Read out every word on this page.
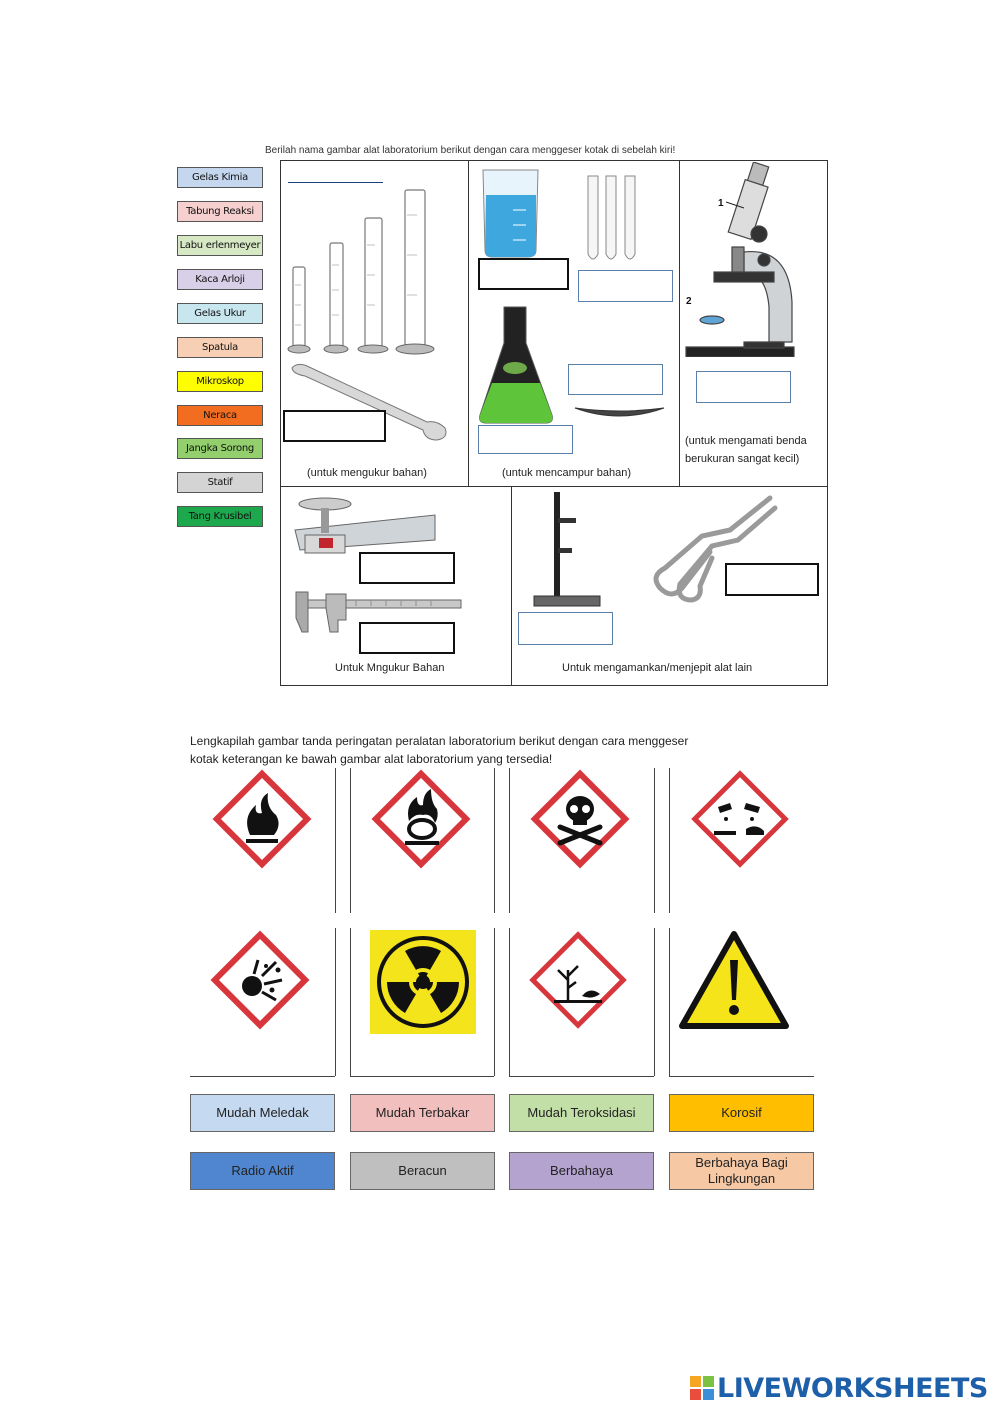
Berilah nama gambar alat laboratorium berikut dengan cara menggeser kotak di sebelah kiri!
Gelas Kimia
Tabung Reaksi
Labu erlenmeyer
Kaca Arloji
Gelas Ukur
Spatula
Mikroskop
Neraca
Jangka Sorong
Statif
Tang Krusibel
(untuk mengukur bahan)	(untuk mencampur bahan)
1
2
(untuk mengamati benda
berukuran sangat kecil)
Untuk Mngukur Bahan	Untuk mengamankan/menjepit alat lain
Lengkapilah gambar tanda peringatan peralatan laboratorium berikut dengan cara menggeser
kotak keterangan ke bawah gambar alat laboratorium yang tersedia!
Mudah Meledak	Mudah Terbakar	Mudah Teroksidasi	Korosif
Radio Aktif	Beracun	Berbahaya
Berbahaya Bagi Lingkungan
LIVEWORKSHEETS
